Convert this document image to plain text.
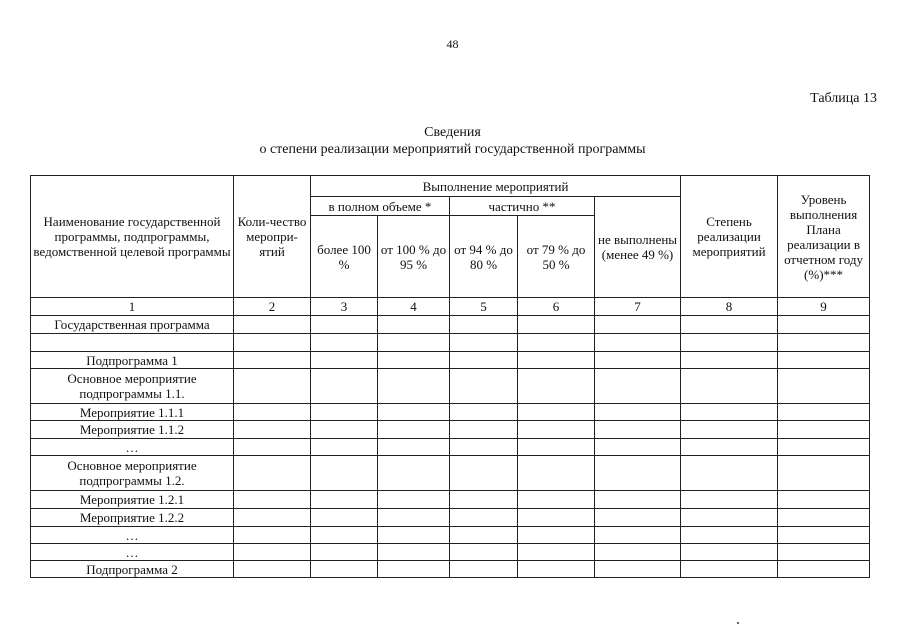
48
Таблица 13
Сведения
о степени реализации мероприятий государственной программы
Наименование государственной программы, подпрограммы, ведомственной целевой программы	Коли-чество меропри-ятий	Выполнение мероприятий					Степень реализации мероприятий	Уровень выполнения Плана реализации в отчетном году (%)***
		в полном объеме *		частично **		не выполнены (менее 49 %)		
		более 100 %	от 100 % до 95 %	от 94 % до 80 %	от 79 % до 50 %			
1	2	3	4	5	6	7	8	9
Государственная программа								

Подпрограмма 1								
Основное мероприятие подпрограммы 1.1.								
Мероприятие 1.1.1								
Мероприятие 1.1.2								
…								
Основное мероприятие подпрограммы 1.2.								
Мероприятие 1.2.1								
Мероприятие 1.2.2								
…								
…								
Подпрограмма 2								
